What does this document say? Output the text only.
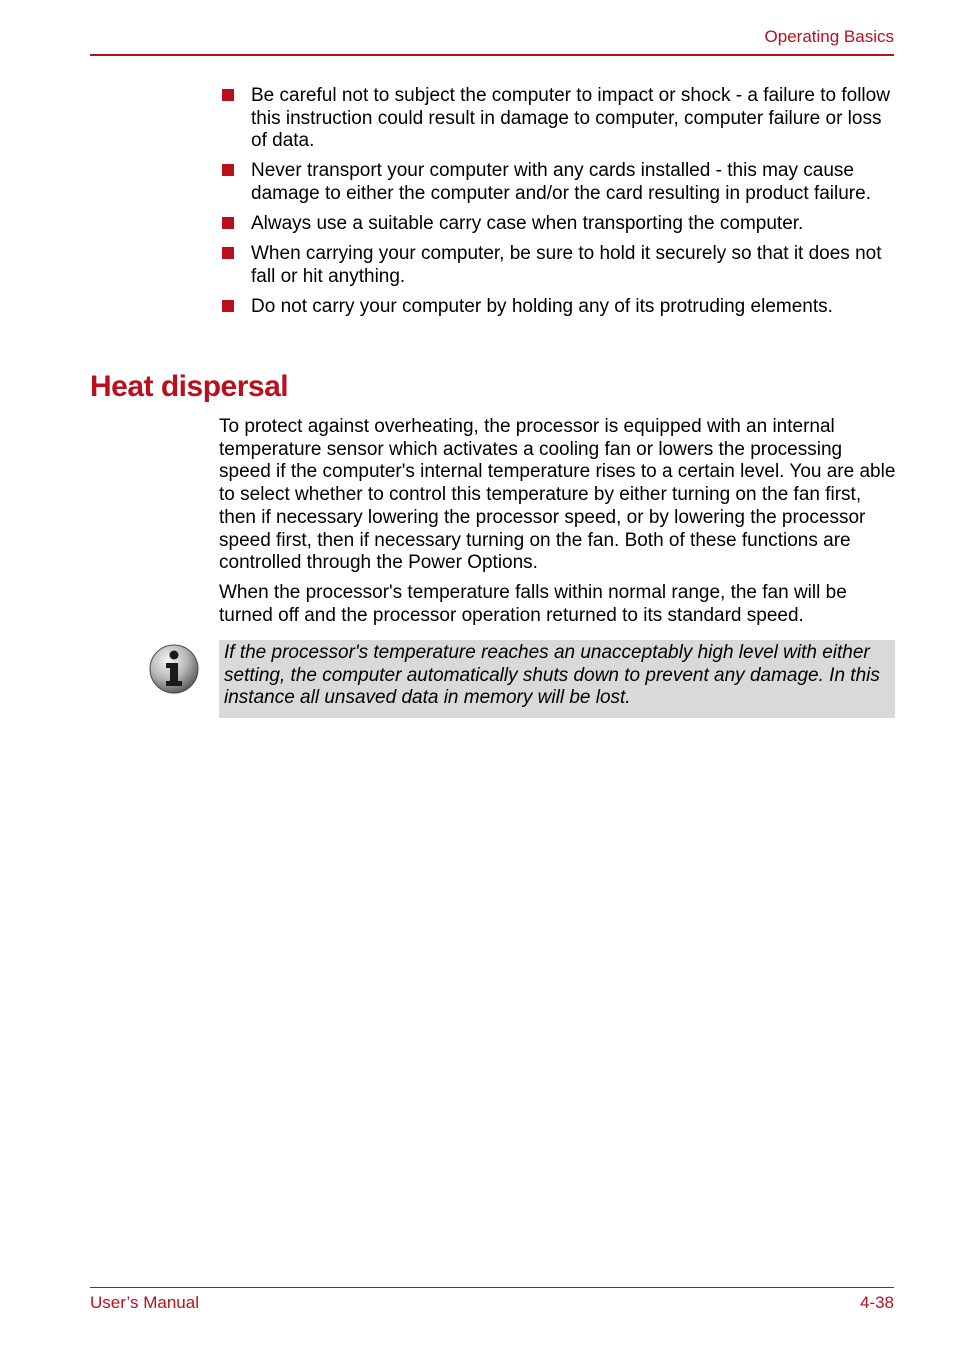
Operating Basics
Be careful not to subject the computer to impact or shock - a failure to follow this instruction could result in damage to computer, computer failure or loss of data.
Never transport your computer with any cards installed - this may cause damage to either the computer and/or the card resulting in product failure.
Always use a suitable carry case when transporting the computer.
When carrying your computer, be sure to hold it securely so that it does not fall or hit anything.
Do not carry your computer by holding any of its protruding elements.
Heat dispersal

To protect against overheating, the processor is equipped with an internal temperature sensor which activates a cooling fan or lowers the processing speed if the computer's internal temperature rises to a certain level. You are able to select whether to control this temperature by either turning on the fan first, then if necessary lowering the processor speed, or by lowering the processor speed first, then if necessary turning on the fan. Both of these functions are controlled through the Power Options.

When the processor's temperature falls within normal range, the fan will be turned off and the processor operation returned to its standard speed.

If the processor's temperature reaches an unacceptably high level with either setting, the computer automatically shuts down to prevent any damage. In this instance all unsaved data in memory will be lost.

User’s Manual	4-38
